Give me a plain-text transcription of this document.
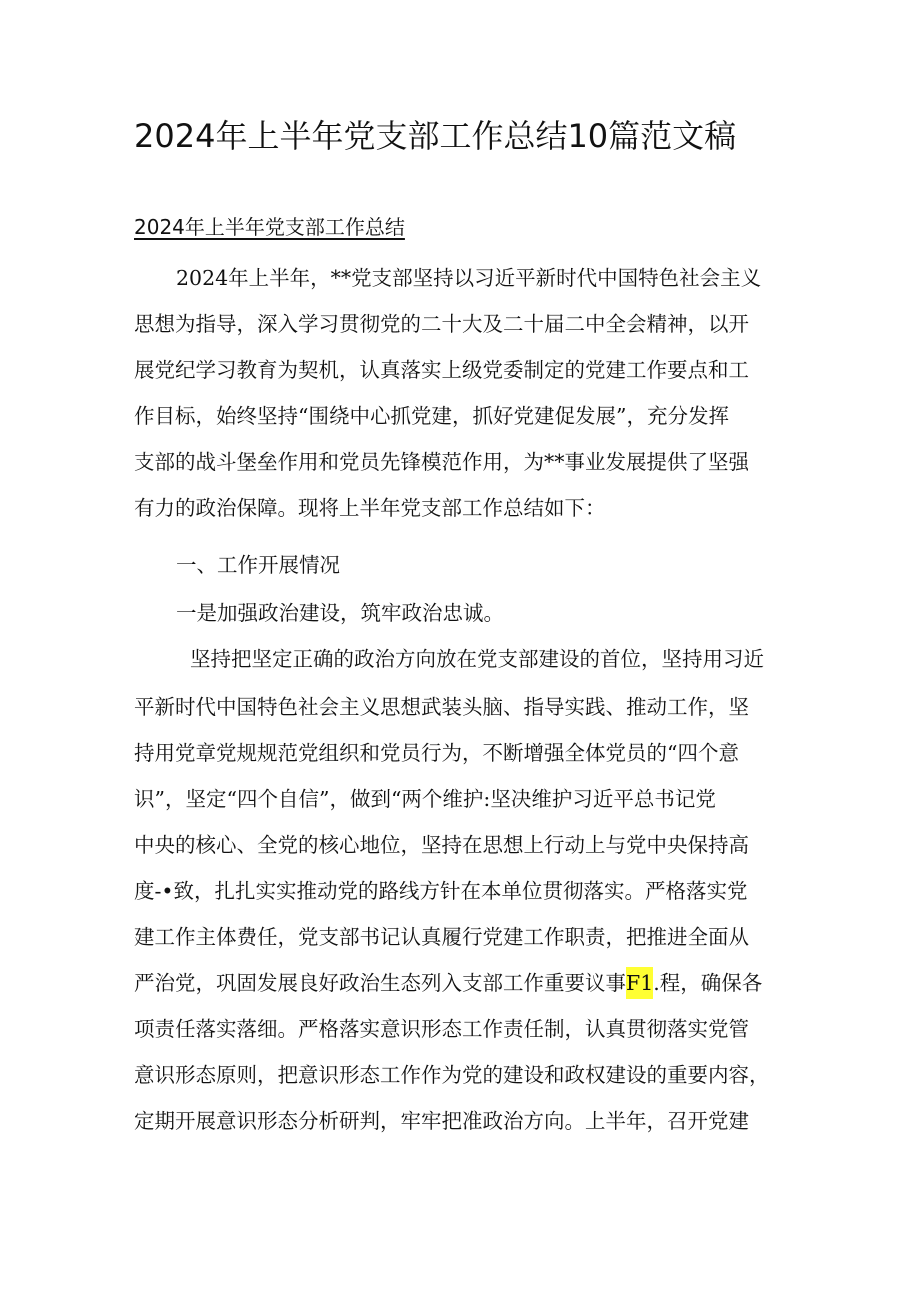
2024年上半年党支部工作总结10篇范文稿
2024年上半年党支部工作总结
2024年上半年，**党支部坚持以习近平新时代中国特色社会主义
思想为指导，深入学习贯彻党的二十大及二十届二中全会精神，以开
展党纪学习教育为契机，认真落实上级党委制定的党建工作要点和工
作目标，始终坚持“围绕中心抓党建，抓好党建促发展”，充分发挥
支部的战斗堡垒作用和党员先锋模范作用，为**事业发展提供了坚强
有力的政治保障。现将上半年党支部工作总结如下：
一、工作开展情况
一是加强政治建设，筑牢政治忠诚。
坚持把坚定正确的政治方向放在党支部建设的首位，坚持用习近
平新时代中国特色社会主义思想武装头脑、指导实践、推动工作，坚
持用党章党规规范党组织和党员行为，不断增强全体党员的“四个意
识”，坚定“四个自信”，做到“两个维护:坚决维护习近平总书记党
中央的核心、全党的核心地位，坚持在思想上行动上与党中央保持高
度-•致，扎扎实实推动党的路线方针在本单位贯彻落实。严格落实党
建工作主体费任，党支部书记认真履行党建工作职责，把推进全面从
严治党，巩固发展良好政治生态列入支部工作重要议事F1.程，确保各
项责任落实落细。严格落实意识形态工作责任制，认真贯彻落实党管
意识形态原则，把意识形态工作作为党的建设和政权建设的重要内容，
定期开展意识形态分析研判，牢牢把准政治方向。上半年，召开党建
